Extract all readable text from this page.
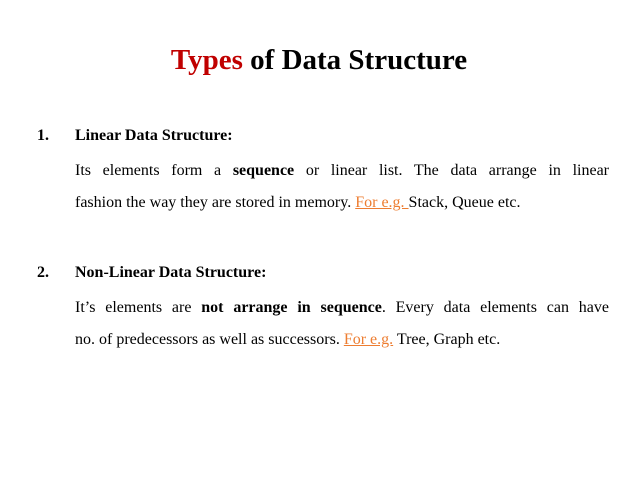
Types of Data Structure
1. Linear Data Structure:
Its elements form a sequence or linear list. The data arrange in linear
fashion the way they are stored in memory. For e.g. Stack, Queue etc.
2. Non-Linear Data Structure:
It’s elements are not arrange in sequence. Every data elements can have
no. of predecessors as well as successors. For e.g. Tree, Graph etc.
